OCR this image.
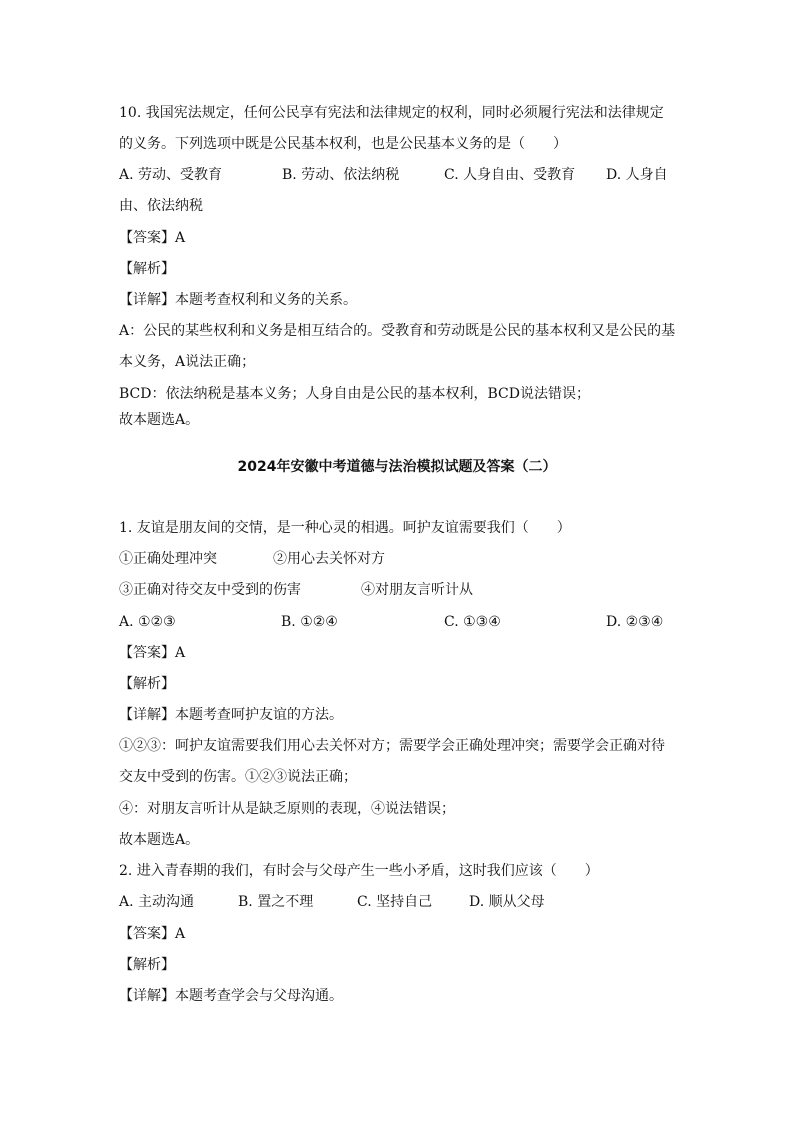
10. 我国宪法规定，任何公民享有宪法和法律规定的权利，同时必须履行宪法和法律规定
的义务。下列选项中既是公民基本权利，也是公民基本义务的是（　　）
A. 劳动、受教育	B. 劳动、依法纳税	C. 人身自由、受教育 D. 人身自
由、依法纳税
【答案】A
【解析】
【详解】本题考查权利和义务的关系。
A：公民的某些权利和义务是相互结合的。受教育和劳动既是公民的基本权利又是公民的基
本义务，A说法正确；
BCD：依法纳税是基本义务；人身自由是公民的基本权利，BCD说法错误；
故本题选A。
2024年安徽中考道德与法治模拟试题及答案（二）
1. 友谊是朋友间的交情，是一种心灵的相遇。呵护友谊需要我们（　　）
①正确处理冲突	②用心去关怀对方
③正确对待交友中受到的伤害	④对朋友言听计从
A. ①②③	B. ①②④	C. ①③④	D. ②③④
【答案】A
【解析】
【详解】本题考查呵护友谊的方法。
①②③：呵护友谊需要我们用心去关怀对方；需要学会正确处理冲突；需要学会正确对待
交友中受到的伤害。①②③说法正确；
④：对朋友言听计从是缺乏原则的表现，④说法错误；
故本题选A。
2. 进入青春期的我们，有时会与父母产生一些小矛盾，这时我们应该（　　）
A. 主动沟通	B. 置之不理	C. 坚持自己	D. 顺从父母
【答案】A
【解析】
【详解】本题考查学会与父母沟通。
